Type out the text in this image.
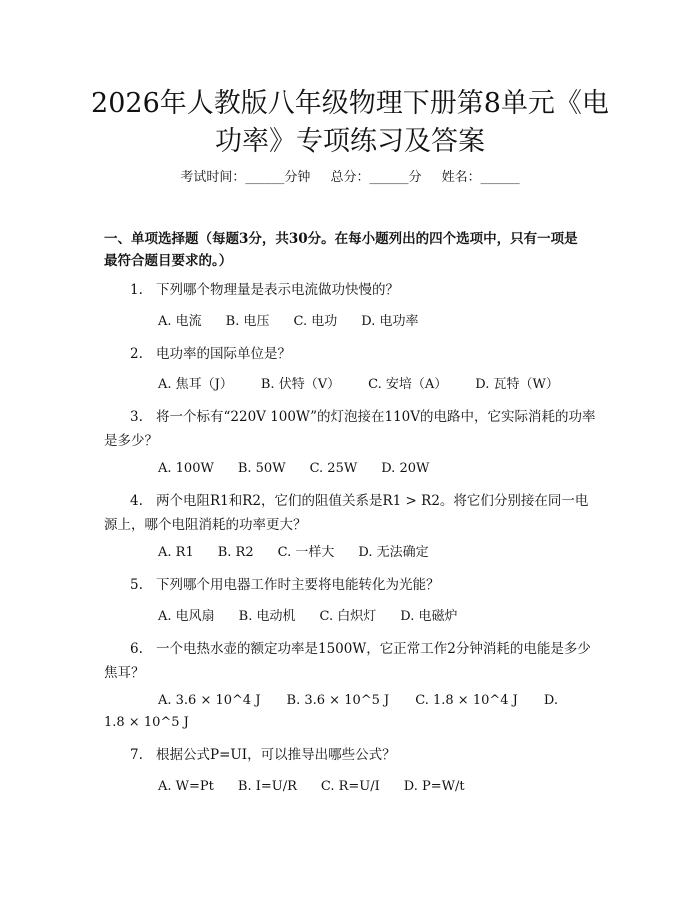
2026年人教版八年级物理下册第8单元《电
功率》专项练习及答案
考试时间：______分钟 总分：______分 姓名：______
一、单项选择题（每题3分，共30分。在每小题列出的四个选项中，只有一项是
最符合题目要求的。）
1. 下列哪个物理量是表示电流做功快慢的？
A. 电流 B. 电压 C. 电功 D. 电功率
2. 电功率的国际单位是？
A. 焦耳（J） B. 伏特（V） C. 安培（A） D. 瓦特（W）
3. 将一个标有“220V 100W”的灯泡接在110V的电路中，它实际消耗的功率
是多少？
A. 100W B. 50W C. 25W D. 20W
4. 两个电阻R1和R2，它们的阻值关系是R1 > R2。将它们分别接在同一电
源上，哪个电阻消耗的功率更大？
A. R1 B. R2 C. 一样大 D. 无法确定
5. 下列哪个用电器工作时主要将电能转化为光能？
A. 电风扇 B. 电动机 C. 白炽灯 D. 电磁炉
6. 一个电热水壶的额定功率是1500W，它正常工作2分钟消耗的电能是多少
焦耳？
A. 3.6 × 10^4 J B. 3.6 × 10^5 J C. 1.8 × 10^4 J D.
1.8 × 10^5 J
7. 根据公式P=UI，可以推导出哪些公式？
A. W=Pt B. I=U/R C. R=U/I D. P=W/t
